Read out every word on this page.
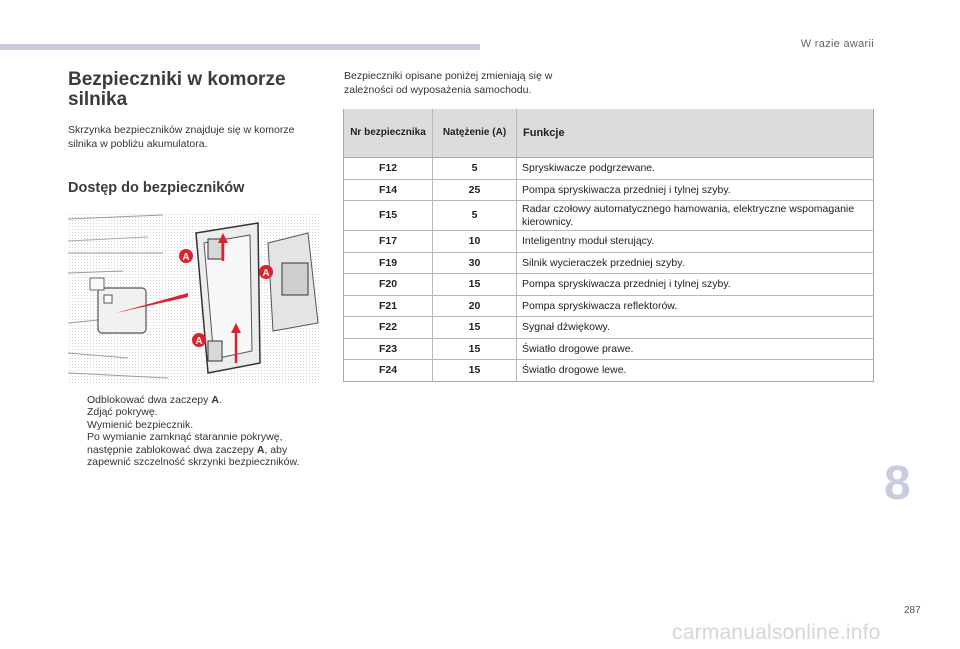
W razie awarii
Bezpieczniki w komorze silnika
Skrzynka bezpieczników znajduje się w komorze silnika w pobliżu akumulatora.
Dostęp do bezpieczników
A
A
A
Odblokować dwa zaczepy A.
Zdjąć pokrywę.
Wymienić bezpiecznik.
Po wymianie zamknąć starannie pokrywę, następnie zablokować dwa zaczepy A, aby zapewnić szczelność skrzynki bezpieczników.
Bezpieczniki opisane poniżej zmieniają się w zależności od wyposażenia samochodu.
Nr bezpiecznika	Natężenie (A)	Funkcje
F12	5	Spryskiwacze podgrzewane.
F14	25	Pompa spryskiwacza przedniej i tylnej szyby.
F15	5	Radar czołowy automatycznego hamowania, elektryczne wspomaganie kierownicy.
F17	10	Inteligentny moduł sterujący.
F19	30	Silnik wycieraczek przedniej szyby.
F20	15	Pompa spryskiwacza przedniej i tylnej szyby.
F21	20	Pompa spryskiwacza reflektorów.
F22	15	Sygnał dźwiękowy.
F23	15	Światło drogowe prawe.
F24	15	Światło drogowe lewe.
8
287
carmanualsonline.info
